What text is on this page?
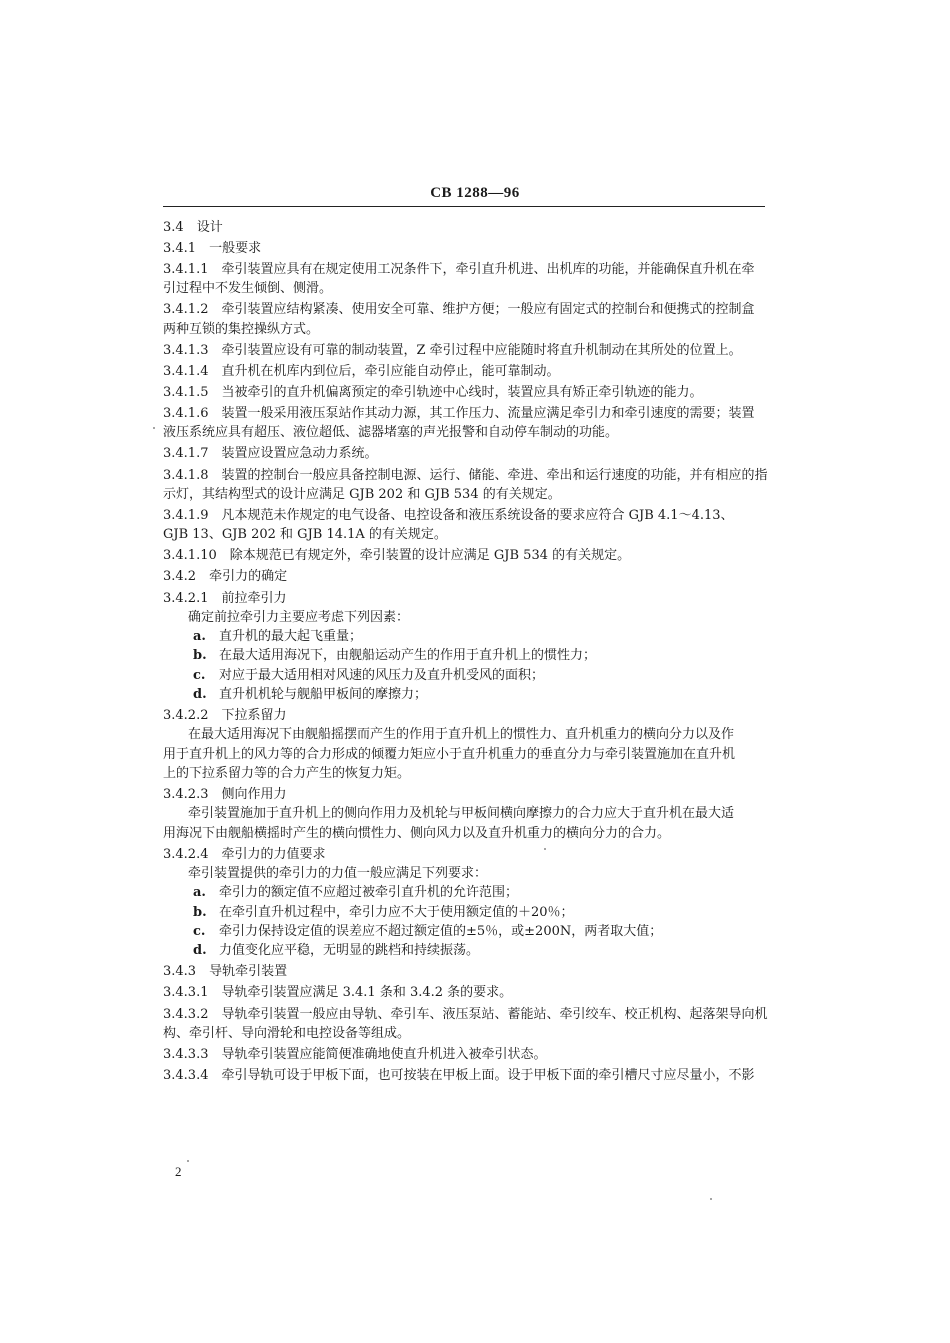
CB 1288—96
3.4 设计
3.4.1 一般要求
3.4.1.1 牵引装置应具有在规定使用工况条件下，牵引直升机进、出机库的功能，并能确保直升机在牵
引过程中不发生倾倒、侧滑。
3.4.1.2 牵引装置应结构紧凑、使用安全可靠、维护方便；一般应有固定式的控制台和便携式的控制盒
两种互锁的集控操纵方式。
3.4.1.3 牵引装置应设有可靠的制动装置，Z 牵引过程中应能随时将直升机制动在其所处的位置上。
3.4.1.4 直升机在机库内到位后，牵引应能自动停止，能可靠制动。
3.4.1.5 当被牵引的直升机偏离预定的牵引轨迹中心线时，装置应具有矫正牵引轨迹的能力。
3.4.1.6 装置一般采用液压泵站作其动力源，其工作压力、流量应满足牵引力和牵引速度的需要；装置
液压系统应具有超压、液位超低、滤器堵塞的声光报警和自动停车制动的功能。
3.4.1.7 装置应设置应急动力系统。
3.4.1.8 装置的控制台一般应具备控制电源、运行、储能、牵进、牵出和运行速度的功能，并有相应的指
示灯，其结构型式的设计应满足 GJB 202 和 GJB 534 的有关规定。
3.4.1.9 凡本规范未作规定的电气设备、电控设备和液压系统设备的要求应符合 GJB 4.1～4.13、
GJB 13、GJB 202 和 GJB 14.1A 的有关规定。
3.4.1.10 除本规范已有规定外，牵引装置的设计应满足 GJB 534 的有关规定。
3.4.2 牵引力的确定
3.4.2.1 前拉牵引力
确定前拉牵引力主要应考虑下列因素：
a. 直升机的最大起飞重量；
b. 在最大适用海况下，由舰船运动产生的作用于直升机上的惯性力；
c. 对应于最大适用相对风速的风压力及直升机受风的面积；
d. 直升机机轮与舰船甲板间的摩擦力；
3.4.2.2 下拉系留力
在最大适用海况下由舰船摇摆而产生的作用于直升机上的惯性力、直升机重力的横向分力以及作
用于直升机上的风力等的合力形成的倾覆力矩应小于直升机重力的垂直分力与牵引装置施加在直升机
上的下拉系留力等的合力产生的恢复力矩。
3.4.2.3 侧向作用力
牵引装置施加于直升机上的侧向作用力及机轮与甲板间横向摩擦力的合力应大于直升机在最大适
用海况下由舰船横摇时产生的横向惯性力、侧向风力以及直升机重力的横向分力的合力。
3.4.2.4 牵引力的力值要求
牵引装置提供的牵引力的力值一般应满足下列要求：
a. 牵引力的额定值不应超过被牵引直升机的允许范围；
b. 在牵引直升机过程中，牵引力应不大于使用额定值的＋20％；
c. 牵引力保持设定值的误差应不超过额定值的±5％，或±200N，两者取大值；
d. 力值变化应平稳，无明显的跳档和持续振荡。
3.4.3 导轨牵引装置
3.4.3.1 导轨牵引装置应满足 3.4.1 条和 3.4.2 条的要求。
3.4.3.2 导轨牵引装置一般应由导轨、牵引车、液压泵站、蓄能站、牵引绞车、校正机构、起落架导向机
构、牵引杆、导向滑轮和电控设备等组成。
3.4.3.3 导轨牵引装置应能简便准确地使直升机进入被牵引状态。
3.4.3.4 牵引导轨可设于甲板下面，也可按装在甲板上面。设于甲板下面的牵引槽尺寸应尽量小，不影
2
